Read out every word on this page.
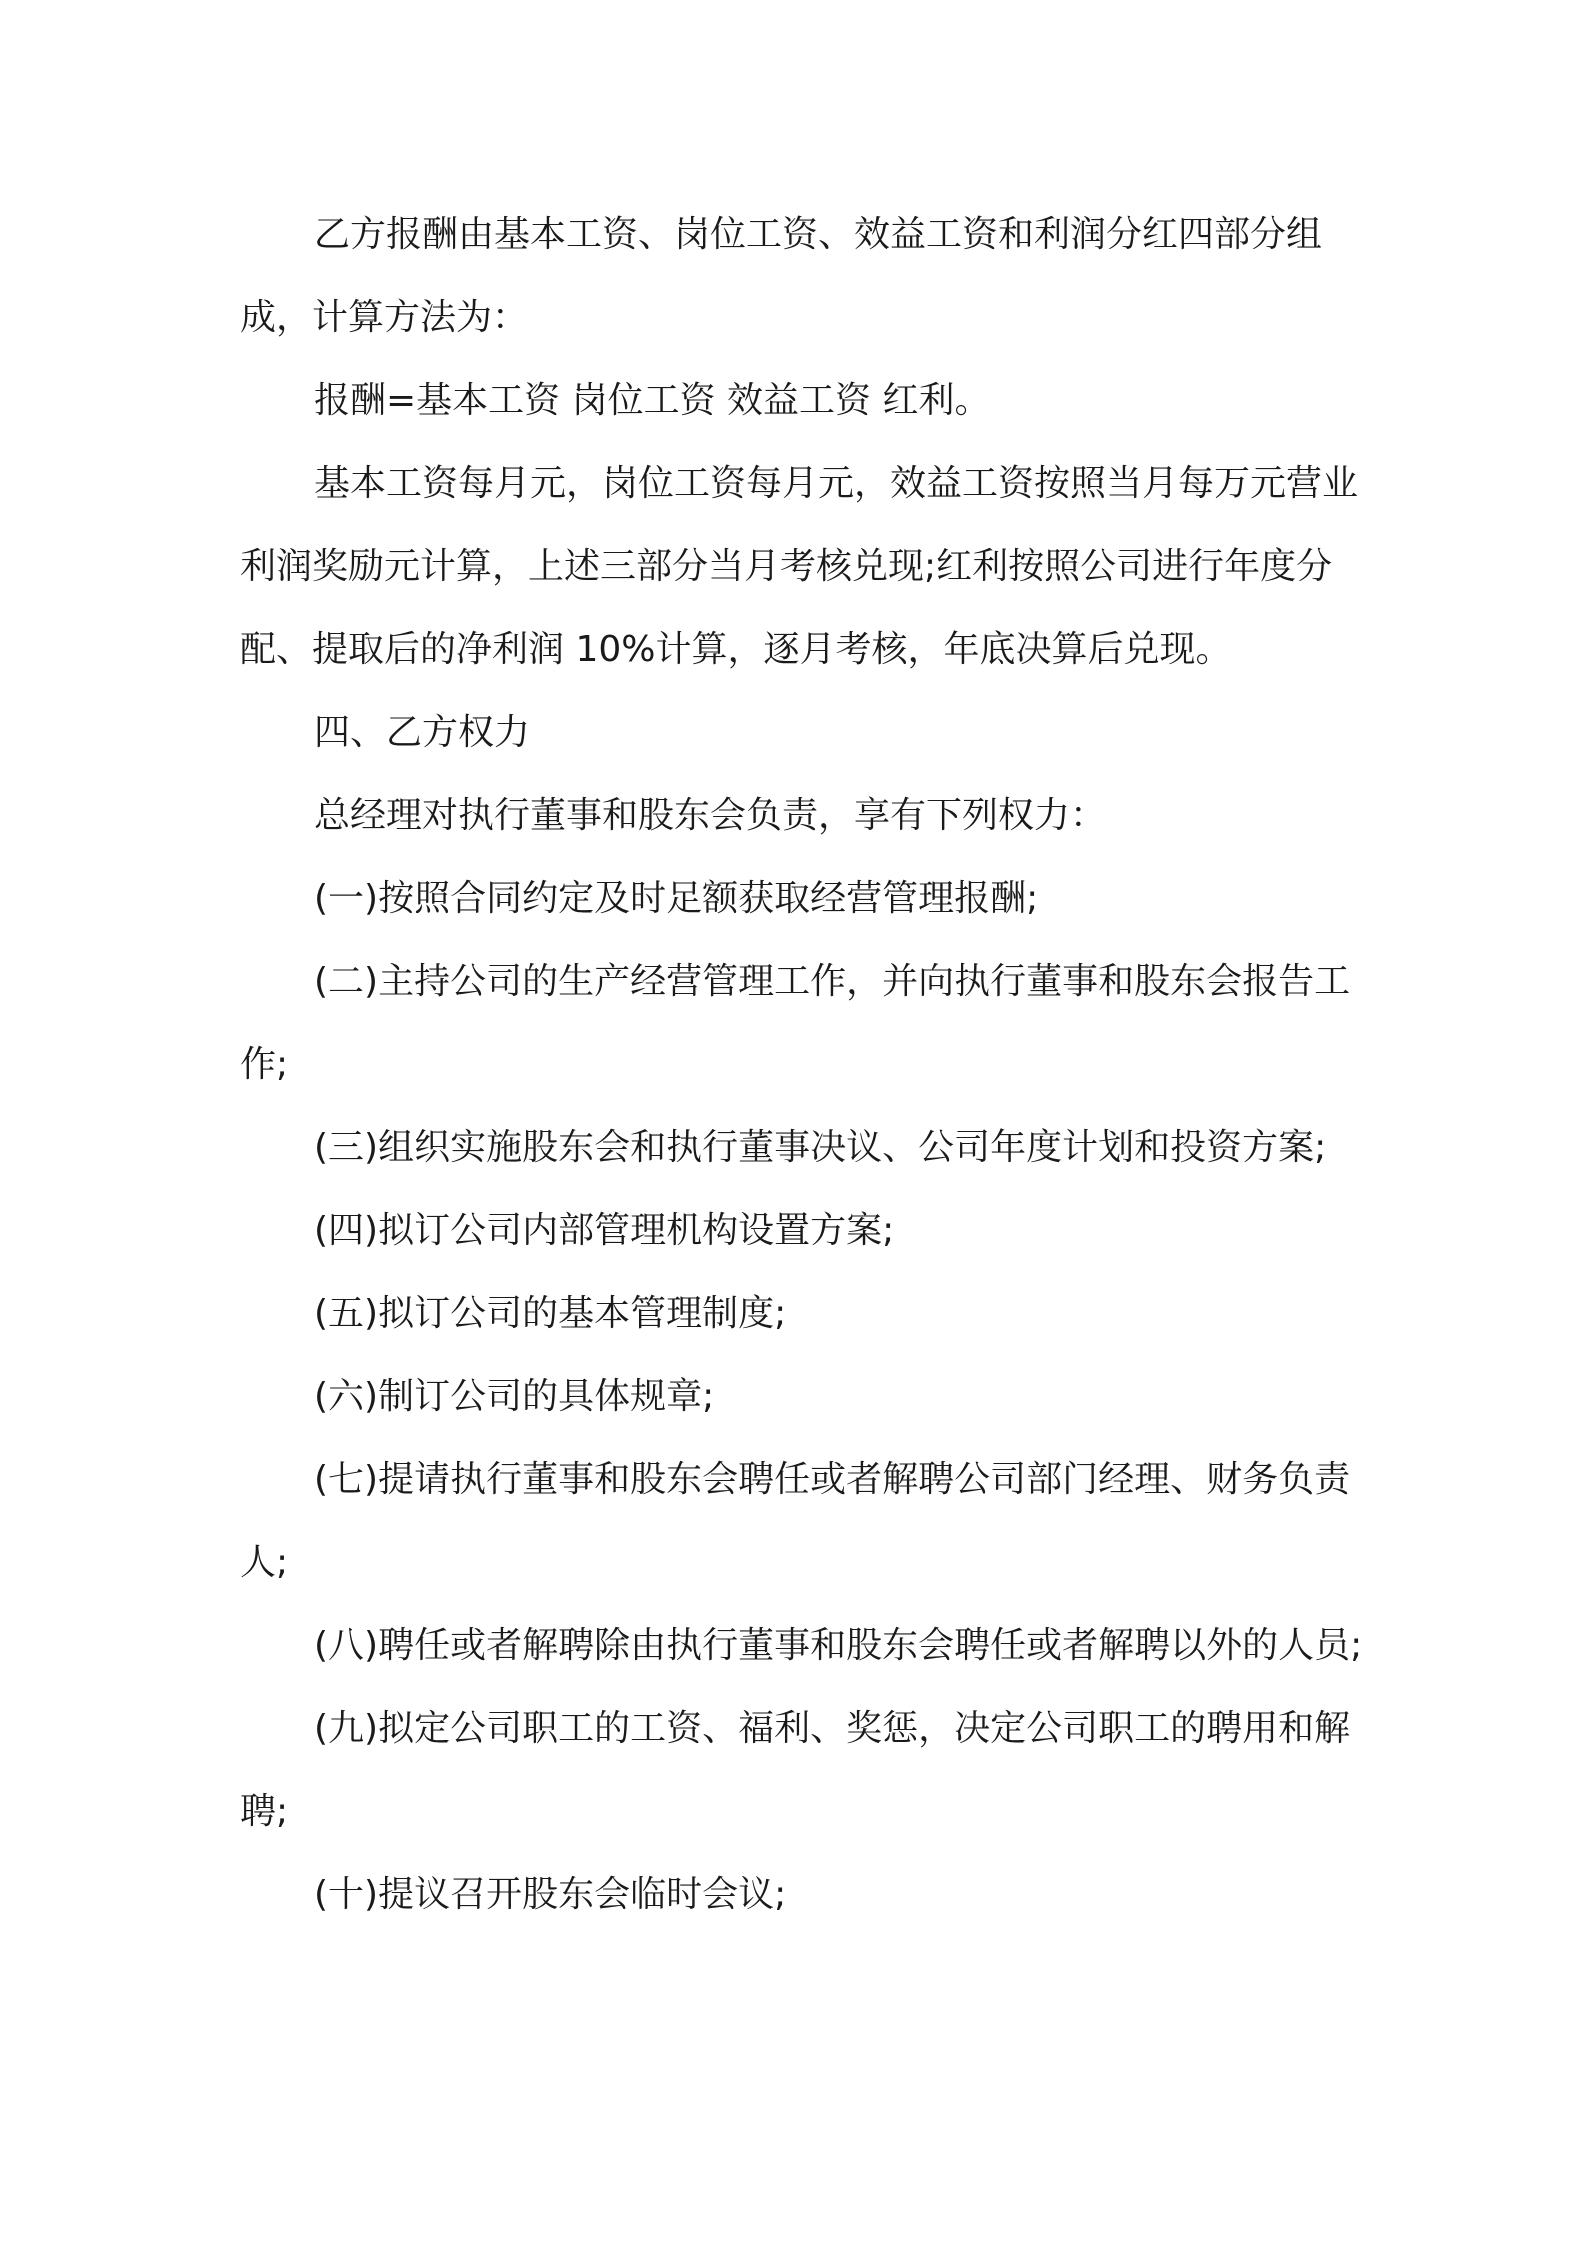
乙方报酬由基本工资、岗位工资、效益工资和利润分红四部分组成，计算方法为：

报酬=基本工资 岗位工资 效益工资 红利。

基本工资每月元，岗位工资每月元，效益工资按照当月每万元营业利润奖励元计算，上述三部分当月考核兑现;红利按照公司进行年度分配、提取后的净利润 10%计算，逐月考核，年底决算后兑现。

四、乙方权力

总经理对执行董事和股东会负责，享有下列权力：

(一)按照合同约定及时足额获取经营管理报酬;

(二)主持公司的生产经营管理工作，并向执行董事和股东会报告工作;

(三)组织实施股东会和执行董事决议、公司年度计划和投资方案;

(四)拟订公司内部管理机构设置方案;

(五)拟订公司的基本管理制度;

(六)制订公司的具体规章;

(七)提请执行董事和股东会聘任或者解聘公司部门经理、财务负责人;

(八)聘任或者解聘除由执行董事和股东会聘任或者解聘以外的人员;

(九)拟定公司职工的工资、福利、奖惩，决定公司职工的聘用和解聘;

(十)提议召开股东会临时会议;
